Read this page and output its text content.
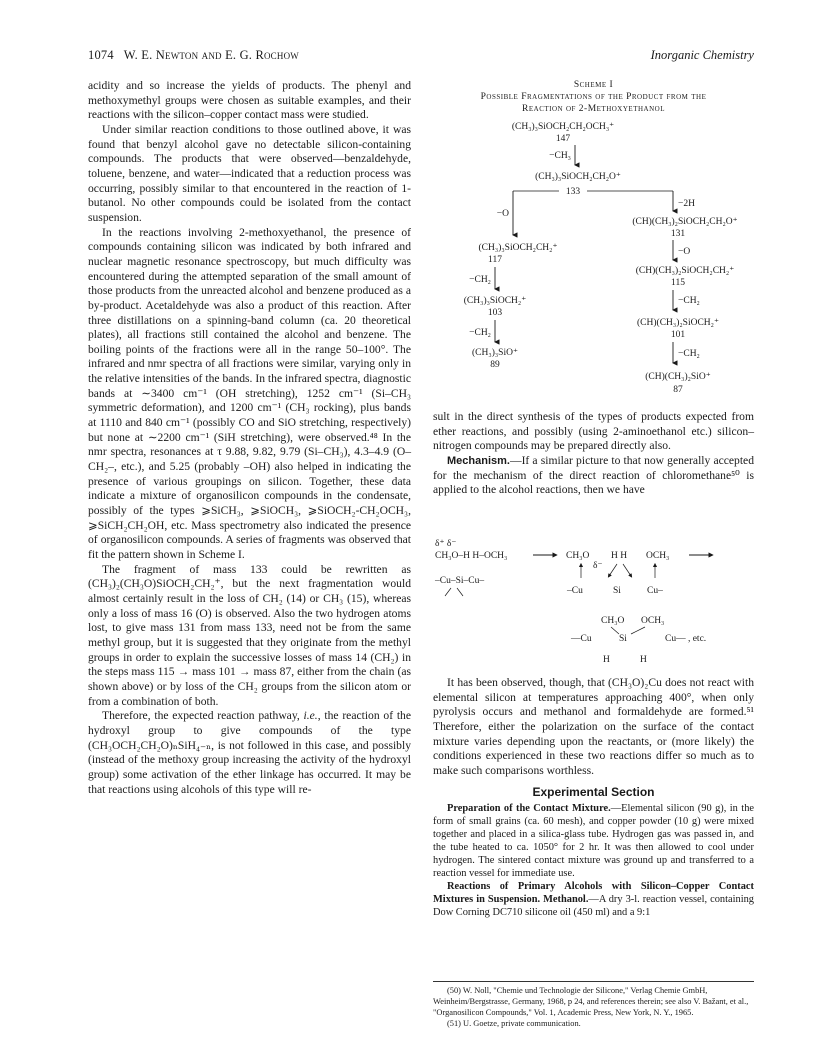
1074 W. E. Newton and E. G. Rochow	Inorganic Chemistry

acidity and so increase the yields of products. The phenyl and methoxymethyl groups were chosen as suitable examples, and their reactions with the silicon–copper contact mass were studied.

Under similar reaction conditions to those outlined above, it was found that benzyl alcohol gave no detectable silicon-containing compounds. The products that were observed—benzaldehyde, toluene, benzene, and water—indicated that a reduction process was occurring, possibly similar to that encountered in the reaction of 1-butanol. No other compounds could be isolated from the contact suspension.

In the reactions involving 2-methoxyethanol, the presence of compounds containing silicon was indicated by both infrared and nuclear magnetic resonance spectroscopy, but much difficulty was encountered during the attempted separation of the small amount of those products from the unreacted alcohol and benzene produced as a by-product. Acetaldehyde was also a product of this reaction. After three distillations on a spinning-band column (ca. 20 theoretical plates), all fractions still contained the alcohol and benzene. The boiling points of the fractions were all in the range 50–100°. The infrared and nmr spectra of all fractions were similar, varying only in the relative intensities of the bands. In the infrared spectra, diagnostic bands at ∼3400 cm⁻¹ (OH stretching), 1252 cm⁻¹ (Si–CH₃ symmetric deformation), and 1200 cm⁻¹ (CH₃ rocking), plus bands at 1110 and 840 cm⁻¹ (possibly CO and SiO stretching, respectively) but none at ∼2200 cm⁻¹ (SiH stretching), were observed.⁴⁸ In the nmr spectra, resonances at τ 9.88, 9.82, 9.79 (Si–CH₃), 4.3–4.9 (O–CH₂–, etc.), and 5.25 (probably –OH) also helped in indicating the presence of various groupings on silicon. Together, these data indicate a mixture of organosilicon compounds in the condensate, possibly of the types ⩾SiCH₃, ⩾SiOCH₃, ⩾SiOCH₂-CH₂OCH₃, ⩾SiCH₂CH₂OH, etc. Mass spectrometry also indicated the presence of organosilicon compounds. A series of fragments was observed that fit the pattern shown in Scheme I.

The fragment of mass 133 could be rewritten as (CH₃)₂(CH₃O)SiOCH₂CH₂⁺, but the next fragmentation would almost certainly result in the loss of CH₂ (14) or CH₃ (15), whereas only a loss of mass 16 (O) is observed. Also the two hydrogen atoms lost, to give mass 131 from mass 133, need not be from the same methyl group, but it is suggested that they originate from the methyl groups in order to explain the successive losses of mass 14 (CH₂) in the steps mass 115 → mass 101 → mass 87, either from the chain (as shown above) or by loss of the CH₂ groups from the silicon atom or from a combination of both.

Therefore, the expected reaction pathway, i.e., the reaction of the hydroxyl group to give compounds of the type (CH₃OCH₂CH₂O)ₙSiH₄₋ₙ, is not followed in this case, and possibly (instead of the methoxy group increasing the activity of the hydroxyl group) some activation of the ether linkage has occurred. It may be that reactions using alcohols of this type will re-

Scheme I
Possible Fragmentations of the Product from the
Reaction of 2-Methoxyethanol
(CH₃)₃SiOCH₂CH₂OCH₃⁺
147
−CH₃
(CH₃)₃SiOCH₂CH₂O⁺
133
−O
−2H
(CH)(CH₃)₂SiOCH₂CH₂O⁺
131
−O
(CH₃)₃SiOCH₂CH₂⁺
117
(CH)(CH₃)₂SiOCH₂CH₂⁺
115
−CH₂
(CH₃)₃SiOCH₂⁺
103
−CH₂
(CH)(CH₃)₂SiOCH₂⁺
101
−CH₂
(CH₃)₃SiO⁺
89
−CH₂
(CH)(CH₃)₂SiO⁺
87

sult in the direct synthesis of the types of products expected from ether reactions, and possibly (using 2-aminoethanol etc.) silicon–nitrogen compounds may be prepared directly also.

Mechanism.—If a similar picture to that now generally accepted for the mechanism of the direct reaction of chloromethane⁵⁰ is applied to the alcohol reactions, then we have

δ⁺ δ⁻
CH₃O–H H–OCH₃
–Cu–Si–Cu–
CH₃O H H OCH₃
δ⁻
–Cu	Si	Cu–
CH₃O OCH₃
—Cu	Si	Cu— , etc.
H	H

It has been observed, though, that (CH₃O)₂Cu does not react with elemental silicon at temperatures approaching 400°, when only pyrolysis occurs and methanol and formaldehyde are formed.⁵¹ Therefore, either the polarization on the surface of the contact mixture varies depending upon the reactants, or (more likely) the conditions experienced in these two reactions differ so much as to make such comparisons worthless.

Experimental Section

Preparation of the Contact Mixture.—Elemental silicon (90 g), in the form of small grains (ca. 60 mesh), and copper powder (10 g) were mixed together and placed in a silica-glass tube. Hydrogen gas was passed in, and the tube heated to ca. 1050° for 2 hr. It was then allowed to cool under hydrogen. The sintered contact mixture was ground up and transferred to a reaction vessel for immediate use.

Reactions of Primary Alcohols with Silicon–Copper Contact Mixtures in Suspension. Methanol.—A dry 3-l. reaction vessel, containing Dow Corning DC710 silicone oil (450 ml) and a 9:1

(50) W. Noll, "Chemie und Technologie der Silicone," Verlag Chemie GmbH, Weinheim/Bergstrasse, Germany, 1968, p 24, and references therein; see also V. Bažant, et al., "Organosilicon Compounds," Vol. 1, Academic Press, New York, N. Y., 1965.

(51) U. Goetze, private communication.
